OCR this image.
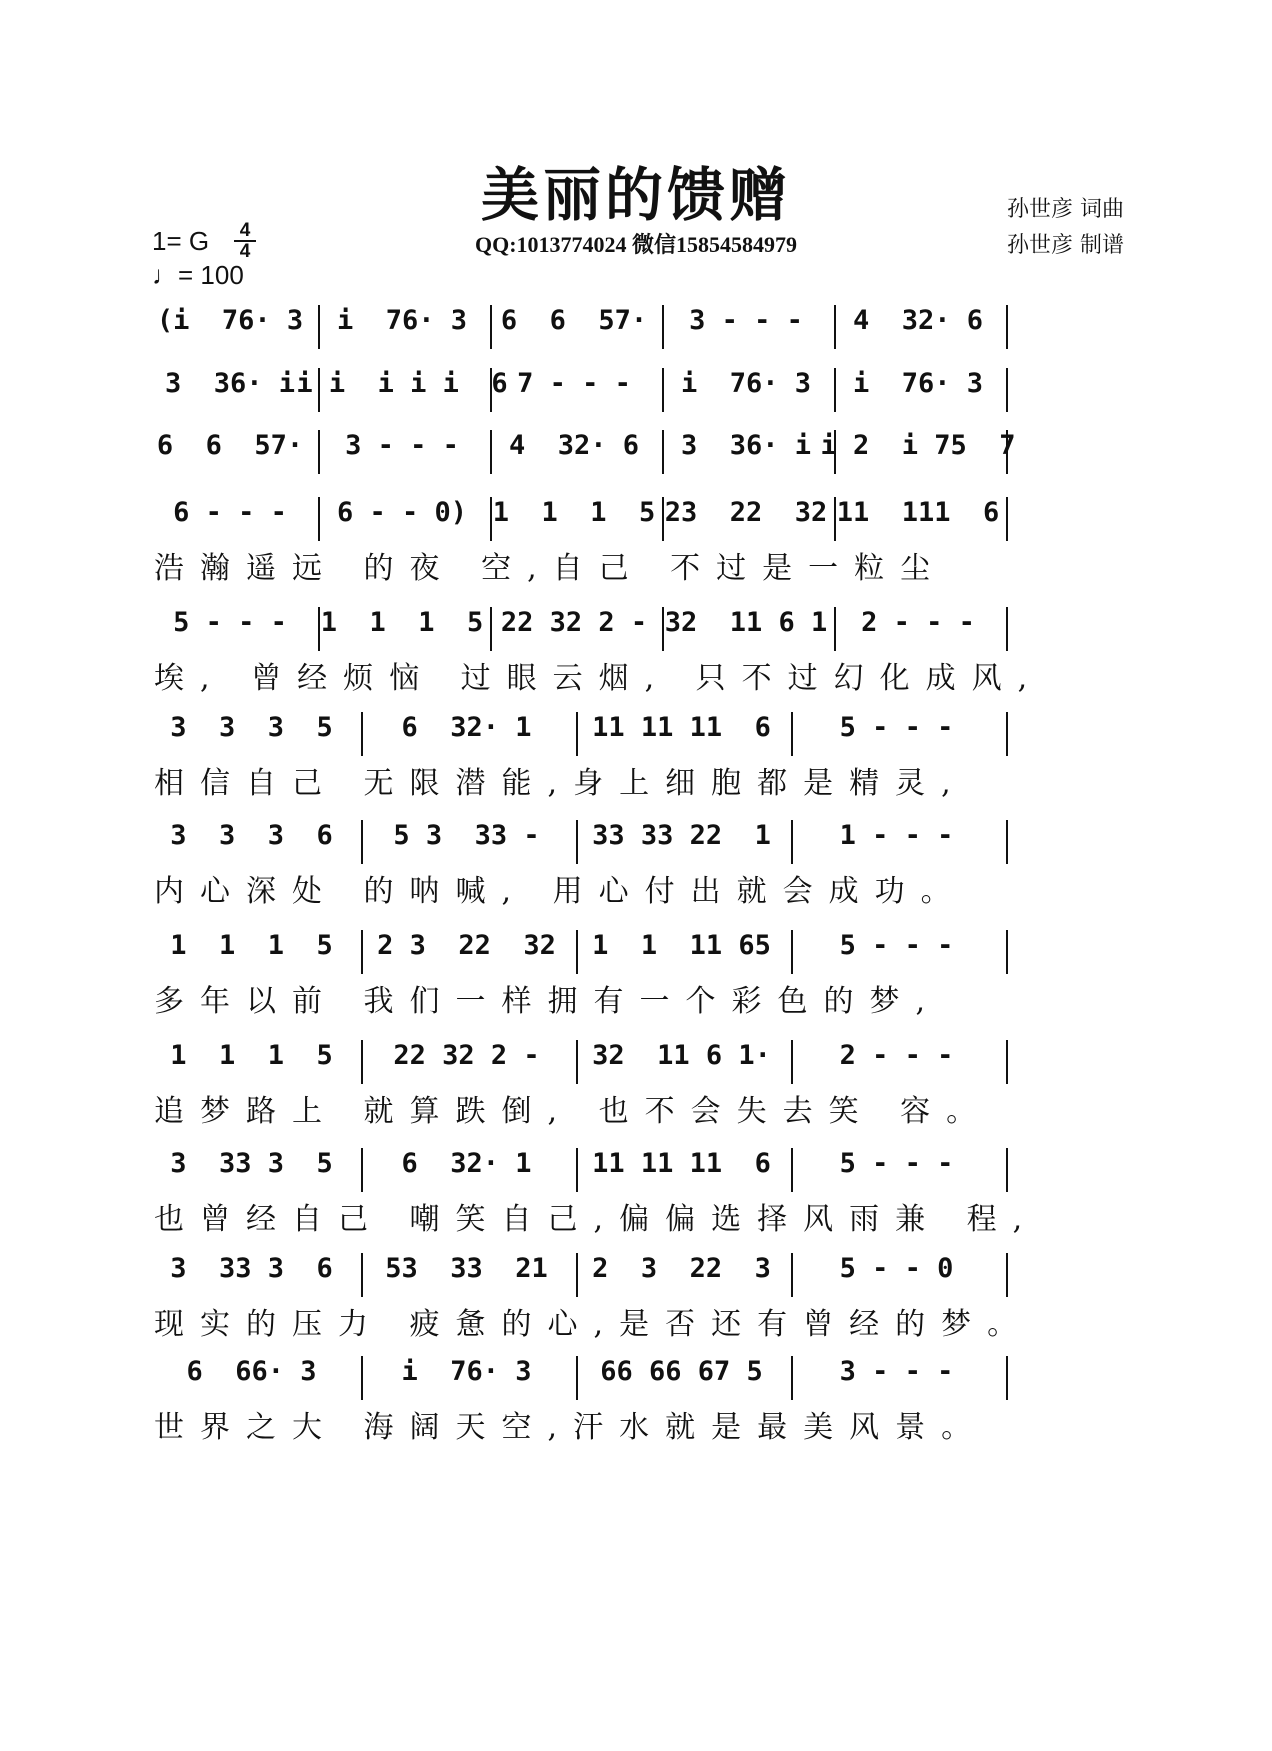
美丽的馈赠
QQ:1013774024 微信15854584979
孙世彦 词曲
孙世彦 制谱
1= G	4
4
♩= 100
(i  76· 3 i  76· 3 6  6  57· 3 - - - 4  32· 6
3  36· i i i  i i i  6 7 - - - i  76· 3 i  76· 3
6  6  57· 3 - - - 4  32· 6 3  36· i i 2  i 75  7
6 - - - 6 - - 0) 1  1  1  5 23  22  32 11  111  6
浩瀚遥远 的夜 空,自己 不过是一粒尘
5 - - - 1  1  1  5 22 32 2 - 32  11 6 1 2 - - -
埃, 曾经烦恼 过眼云烟, 只不过幻化成风,
3  3  3  5	6  32· 1 11 11 11  6	5 - - -
相信自己 无限潜能,身上细胞都是精灵,
3  3  3  6 5 3  33 - 33 33 22  1	1 - - -
内心深处 的呐喊, 用心付出就会成功。
1  1  1  5 2 3  22  32 1  1  11 65	5 - - -
多年以前 我们一样拥有一个彩色的梦,
1  1  1  5 22 32 2 - 32  11 6 1·	2 - - -
追梦路上 就算跌倒, 也不会失去笑 容。
3  33 3  5	6  32· 1 11 11 11  6	5 - - -
也曾经自己 嘲笑自己,偏偏选择风雨兼 程,
3  33 3  6 53  33  21 2  3  22  3	5 - - 0
现实的压力 疲惫的心,是否还有曾经的梦。
6  66· 3	i  76· 3	66 66 67 5	3 - - -
世界之大 海阔天空,汗水就是最美风景。
